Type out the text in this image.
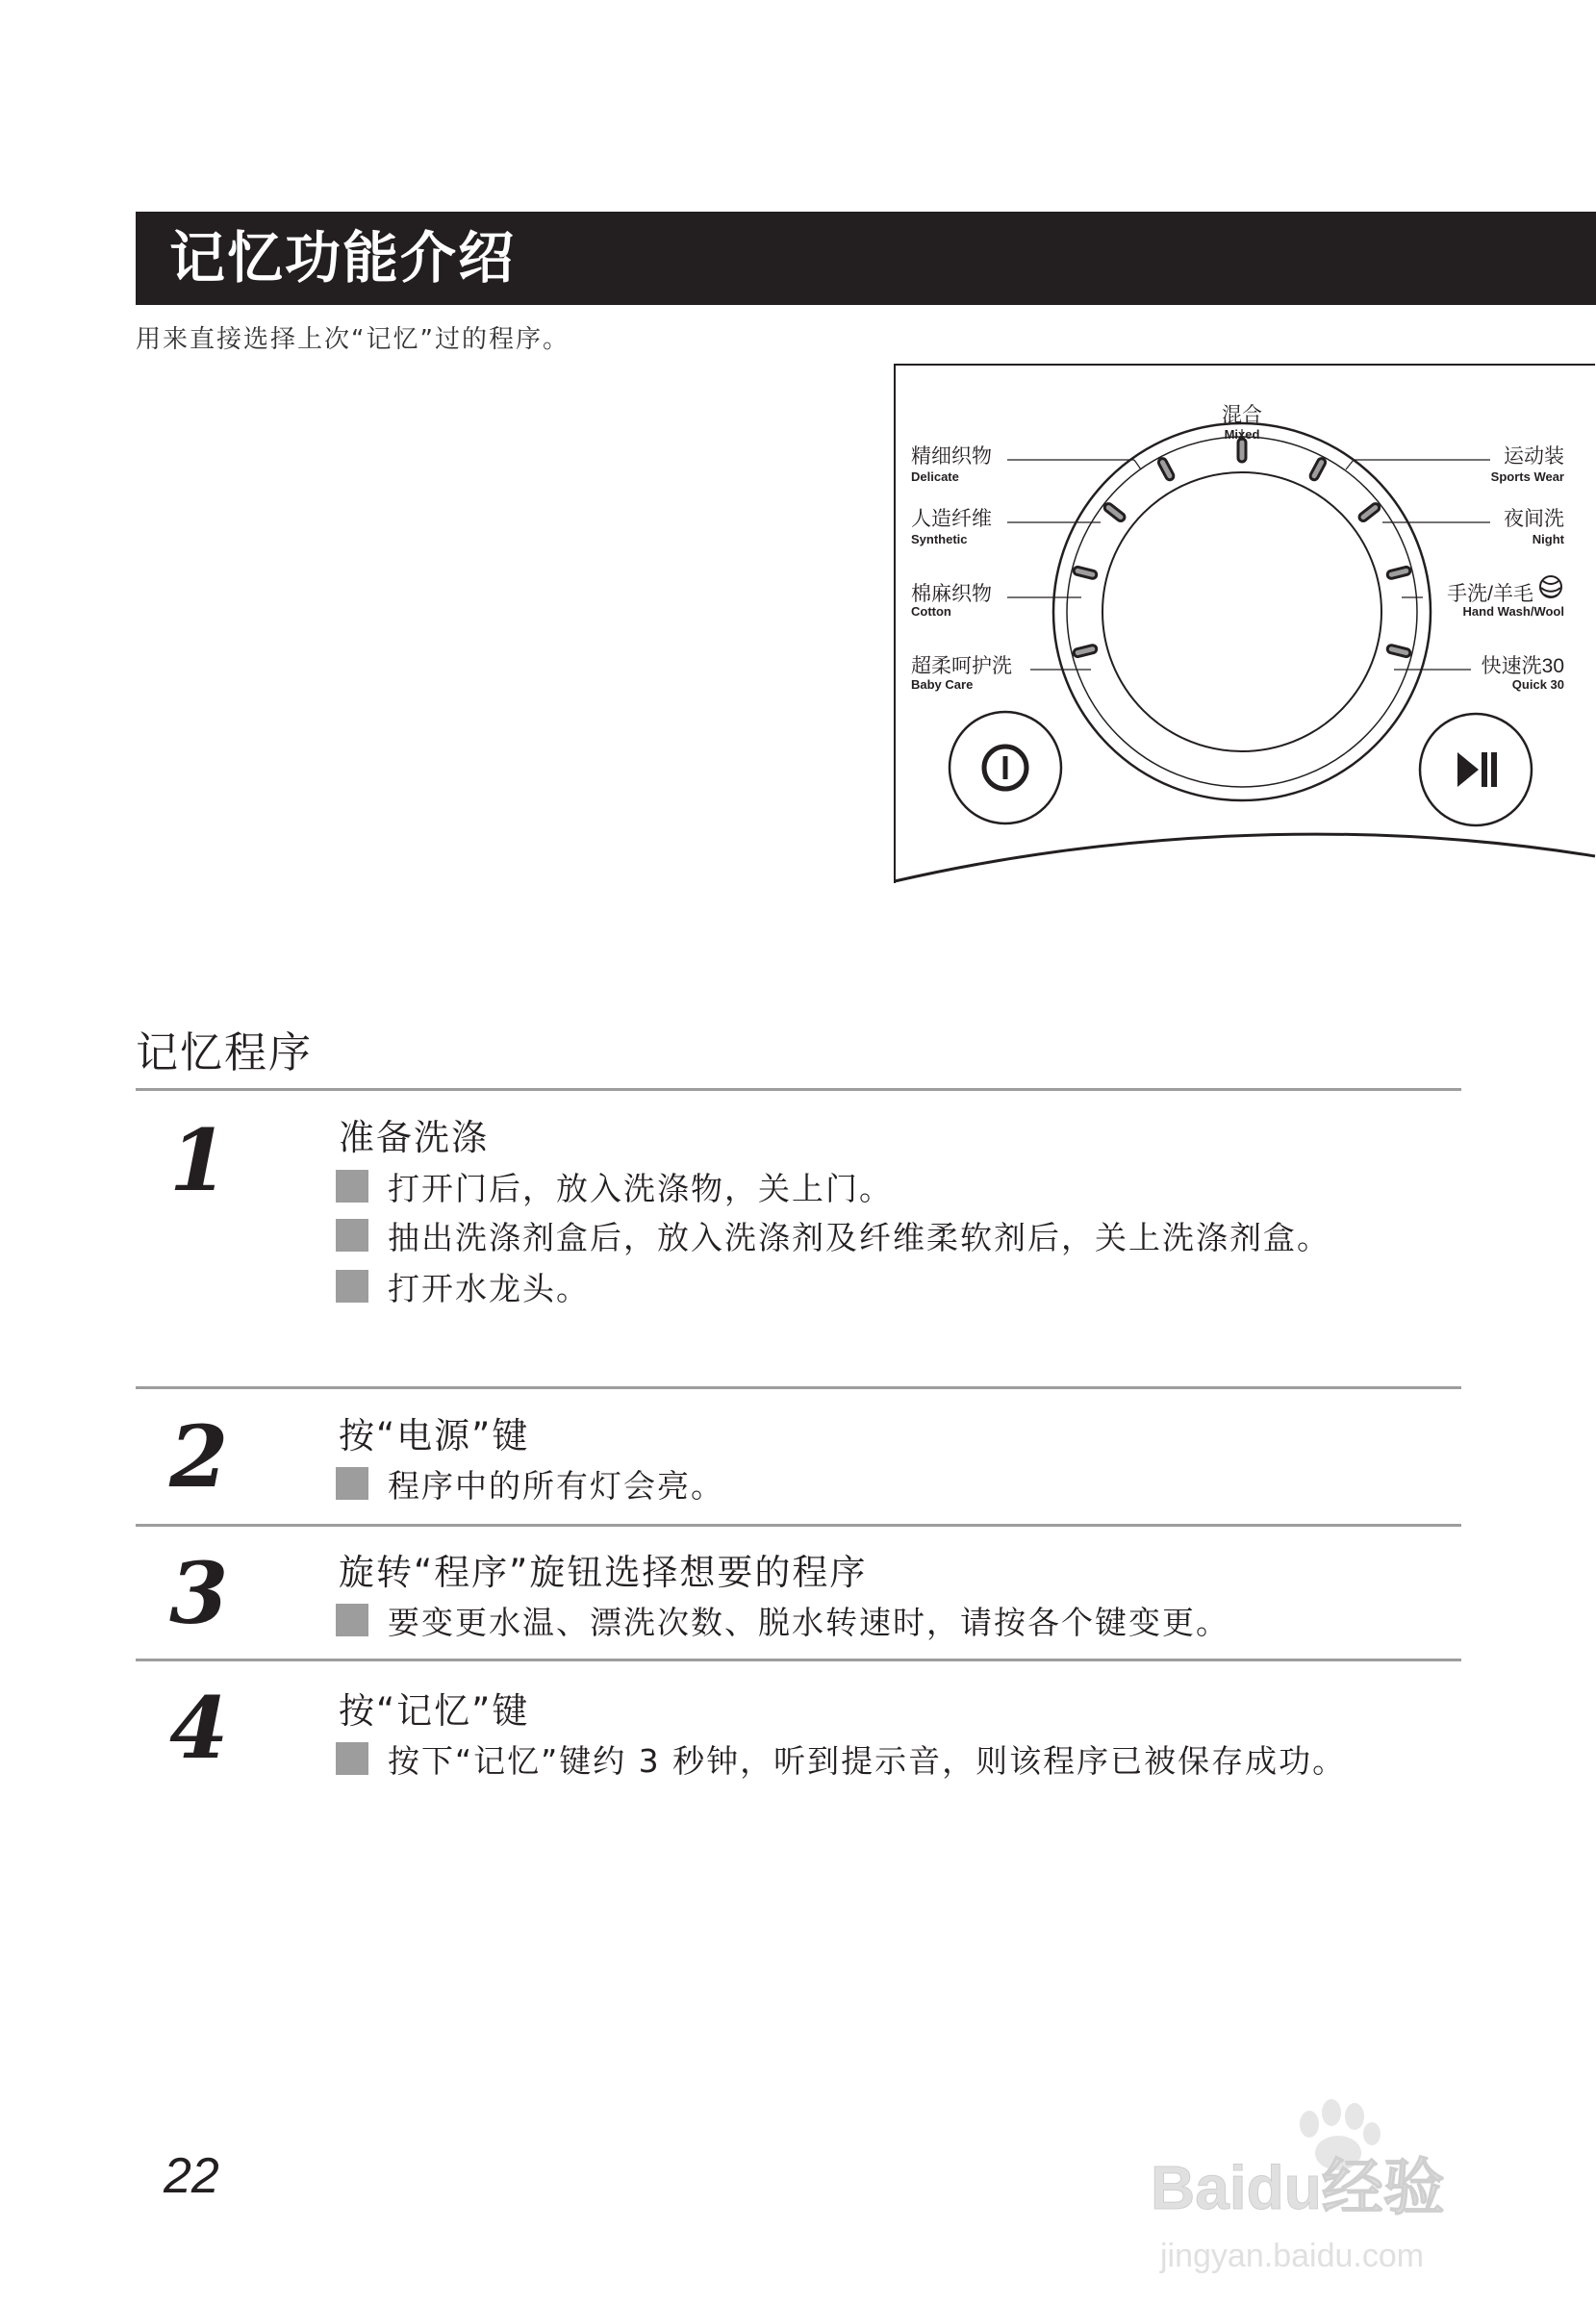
记忆功能介绍
用来直接选择上次“记忆”过的程序。
混合
精细织物
人造纤维
棉麻织物
超柔呵护洗
运动装
夜间洗
手洗/羊毛
快速洗30
Mixed
Delicate
Synthetic
Cotton
Baby Care
Sports Wear
Night
Hand Wash/Wool
Quick 30
记忆程序
1	准备洗涤
打开门后，放入洗涤物，关上门。
抽出洗涤剂盒后，放入洗涤剂及纤维柔软剂后，关上洗涤剂盒。
打开水龙头。
2	按“电源”键
程序中的所有灯会亮。
3	旋转“程序”旋钮选择想要的程序
要变更水温、漂洗次数、脱水转速时，请按各个键变更。
4	按“记忆”键
按下“记忆”键约 3 秒钟，听到提示音，则该程序已被保存成功。
22	Baidu经验
jingyan.baidu.com
